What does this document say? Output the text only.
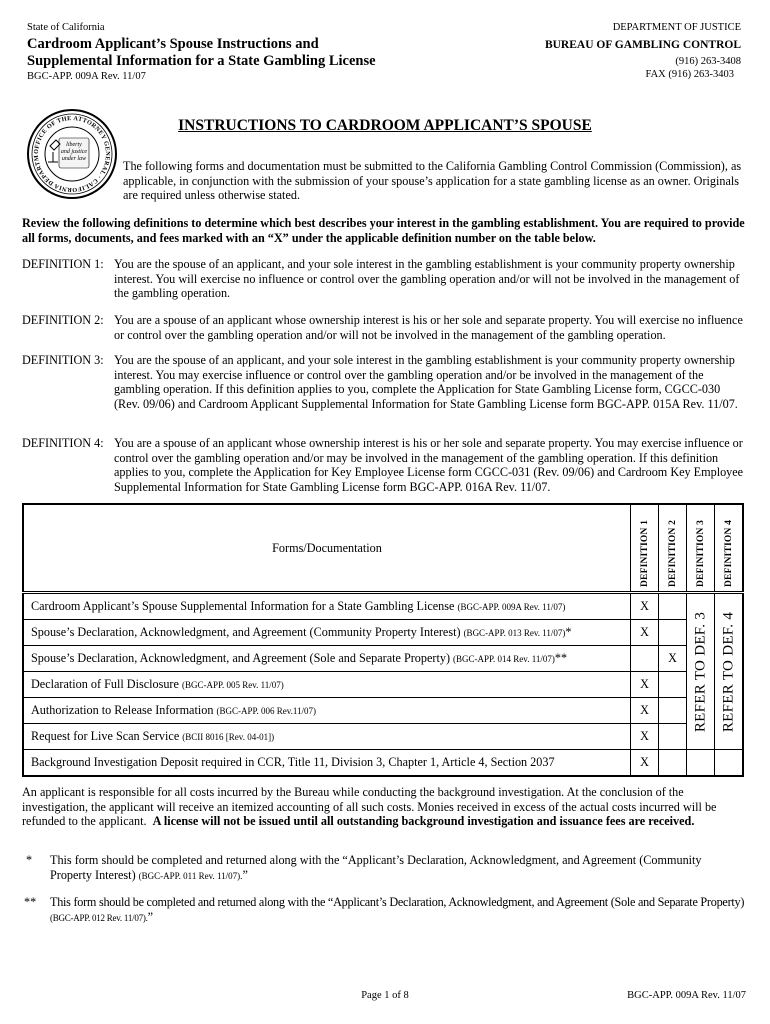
State of California
Cardroom Applicant’s Spouse Instructions and
Supplemental Information for a State Gambling License
BGC-APP. 009A Rev. 11/07
DEPARTMENT OF JUSTICE
BUREAU OF GAMBLING CONTROL
(916) 263-3408
FAX (916) 263-3403
OFFICE OF THE ATTORNEY GENERAL · CALIFORNIA DEPARTM
liberty
and justice
under law
INSTRUCTIONS TO CARDROOM APPLICANT’S SPOUSE
The following forms and documentation must be submitted to the California Gambling Control Commission (Commission), as applicable, in conjunction with the submission of your spouse’s application for a state gambling license as an owner. Originals are required unless otherwise stated.
Review the following definitions to determine which best describes your interest in the gambling establishment. You are required to provide all forms, documents, and fees marked with an “X” under the applicable definition number on the table below.
DEFINITION 1: You are the spouse of an applicant, and your sole interest in the gambling establishment is your community property ownership interest. You will exercise no influence or control over the gambling operation and/or will not be involved in the management of the gambling operation.
DEFINITION 2: You are a spouse of an applicant whose ownership interest is his or her sole and separate property. You will exercise no influence or control over the gambling operation and/or will not be involved in the management of the gambling operation.
DEFINITION 3: You are the spouse of an applicant, and your sole interest in the gambling establishment is your community property ownership interest. You may exercise influence or control over the gambling operation and/or be involved in the management of the gambling operation. If this definition applies to you, complete the Application for State Gambling License form, CGCC-030 (Rev. 09/06) and Cardroom Applicant Supplemental Information for State Gambling License form BGC-APP. 015A Rev. 11/07.
DEFINITION 4: You are a spouse of an applicant whose ownership interest is his or her sole and separate property. You may exercise influence or control over the gambling operation and/or may be involved in the management of the gambling operation. If this definition applies to you, complete the Application for Key Employee License form CGCC-031 (Rev. 09/06) and Cardroom Key Employee Supplemental Information for State Gambling License form BGC-APP. 016A Rev. 11/07.
Forms/Documentation	DEFINITION 1	DEFINITION 2	DEFINITION 3	DEFINITION 4

Cardroom Applicant’s Spouse Supplemental Information for a State Gambling License (BGC-APP. 009A Rev. 11/07)	X		REFER TO DEF. 3	REFER TO DEF. 4

Spouse’s Declaration, Acknowledgment, and Agreement (Community Property Interest) (BGC-APP. 013 Rev. 11/07)*	X			
Spouse’s Declaration, Acknowledgment, and Agreement (Sole and Separate Property) (BGC-APP. 014 Rev. 11/07)**		X		
Declaration of Full Disclosure (BGC-APP. 005 Rev. 11/07)	X			
Authorization to Release Information (BGC-APP. 006 Rev.11/07)	X			
Request for Live Scan Service (BCII 8016 [Rev. 04-01])	X			
Background Investigation Deposit required in CCR, Title 11, Division 3, Chapter 1, Article 4, Section 2037	X			
An applicant is responsible for all costs incurred by the Bureau while conducting the background investigation. At the conclusion of the investigation, the applicant will receive an itemized accounting of all such costs. Monies received in excess of the actual costs incurred will be refunded to the applicant. A license will not be issued until all outstanding background investigation and issuance fees are received.
* This form should be completed and returned along with the “Applicant’s Declaration, Acknowledgment, and Agreement (Community Property Interest) (BGC-APP. 011 Rev. 11/07).”
** This form should be completed and returned along with the “Applicant’s Declaration, Acknowledgment, and Agreement (Sole and Separate Property) (BGC-APP. 012 Rev. 11/07).”
Page 1 of 8	BGC-APP. 009A Rev. 11/07
